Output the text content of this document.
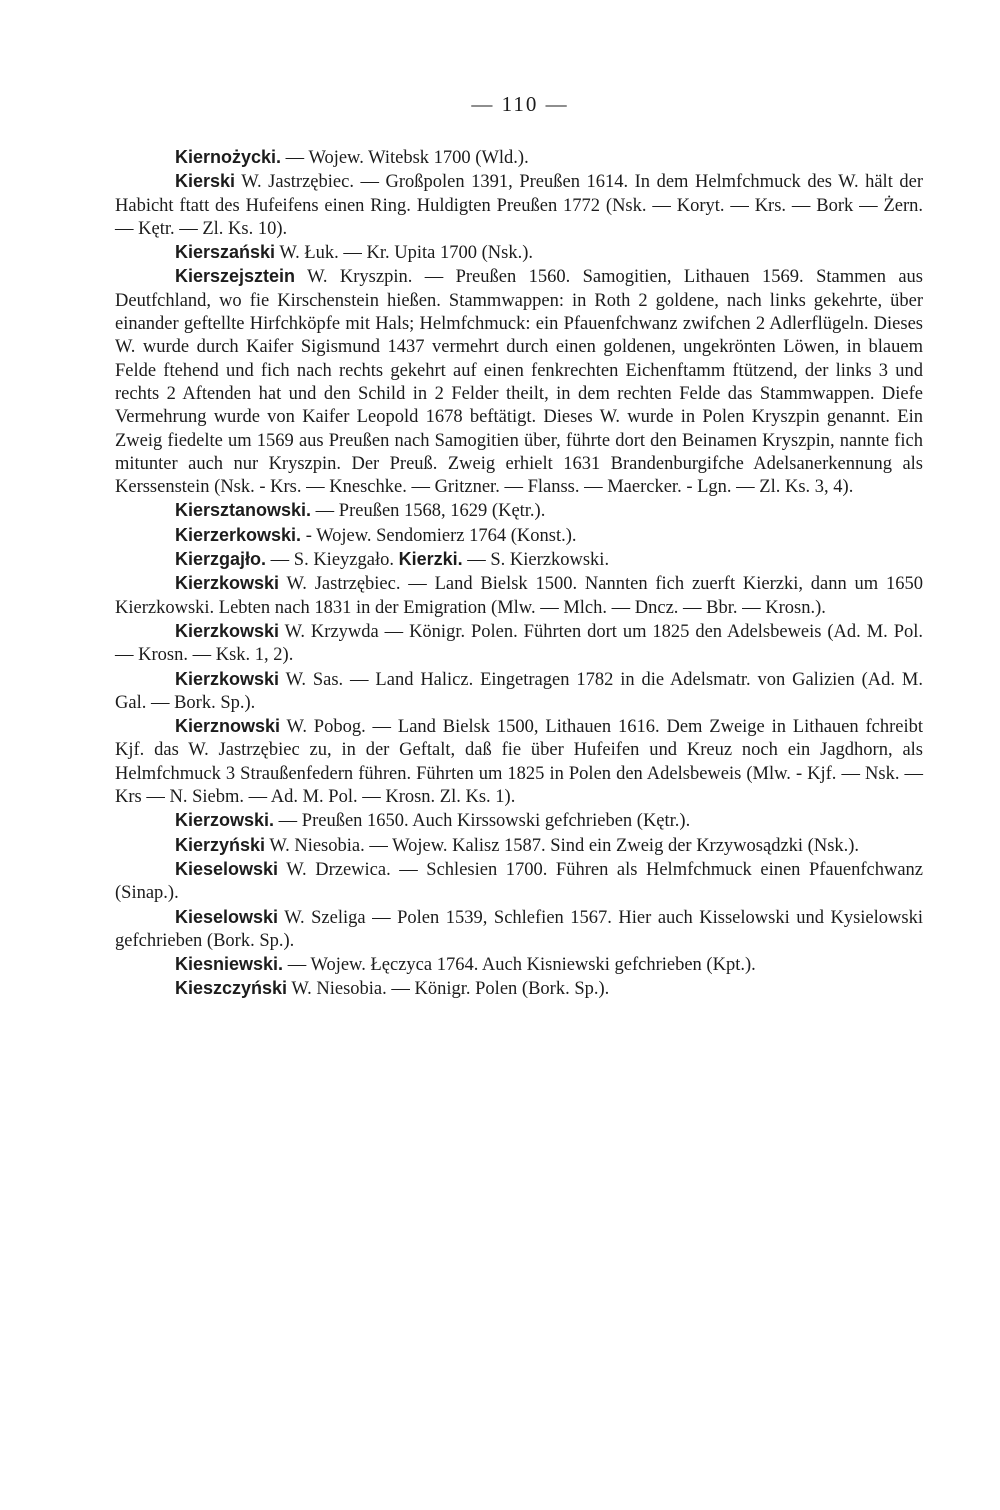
— 110 —

Kiernożycki. — Wojew. Witebsk 1700 (Wld.).

Kierski W. Jastrzębiec. — Großpolen 1391, Preußen 1614. In dem Helmfchmuck des W. hält der Habicht ftatt des Hufeifens einen Ring. Huldigten Preußen 1772 (Nsk. — Koryt. — Krs. — Bork — Żern. — Kętr. — Zl. Ks. 10).

Kierszański W. Łuk. — Kr. Upita 1700 (Nsk.).

Kierszejsztein W. Kryszpin. — Preußen 1560. Samogitien, Lithauen 1569. Stammen aus Deutfchland, wo fie Kirschenstein hießen. Stammwappen: in Roth 2 goldene, nach links gekehrte, über einander geftellte Hirfchköpfe mit Hals; Helmfchmuck: ein Pfauenfchwanz zwifchen 2 Adlerflügeln. Dieses W. wurde durch Kaifer Sigismund 1437 vermehrt durch einen goldenen, ungekrönten Löwen, in blauem Felde ftehend und fich nach rechts gekehrt auf einen fenkrechten Eichenftamm ftützend, der links 3 und rechts 2 Aftenden hat und den Schild in 2 Felder theilt, in dem rechten Felde das Stammwappen. Diefe Vermehrung wurde von Kaifer Leopold 1678 beftätigt. Dieses W. wurde in Polen Kryszpin genannt. Ein Zweig fiedelte um 1569 aus Preußen nach Samogitien über, führte dort den Beinamen Kryszpin, nannte fich mitunter auch nur Kryszpin. Der Preuß. Zweig erhielt 1631 Brandenburgifche Adelsanerkennung als Kerssenstein (Nsk. - Krs. — Kneschke. — Gritzner. — Flanss. — Maercker. - Lgn. — Zl. Ks. 3, 4).

Kiersztanowski. — Preußen 1568, 1629 (Kętr.).

Kierzerkowski. - Wojew. Sendomierz 1764 (Konst.).

Kierzgajło. — S. Kieyzgało. Kierzki. — S. Kierzkowski.

Kierzkowski W. Jastrzębiec. — Land Bielsk 1500. Nannten fich zuerft Kierzki, dann um 1650 Kierzkowski. Lebten nach 1831 in der Emigration (Mlw. — Mlch. — Dncz. — Bbr. — Krosn.).

Kierzkowski W. Krzywda — Königr. Polen. Führten dort um 1825 den Adelsbeweis (Ad. M. Pol. — Krosn. — Ksk. 1, 2).

Kierzkowski W. Sas. — Land Halicz. Eingetragen 1782 in die Adelsmatr. von Galizien (Ad. M. Gal. — Bork. Sp.).

Kierznowski W. Pobog. — Land Bielsk 1500, Lithauen 1616. Dem Zweige in Lithauen fchreibt Kjf. das W. Jastrzębiec zu, in der Geftalt, daß fie über Hufeifen und Kreuz noch ein Jagdhorn, als Helmfchmuck 3 Straußenfedern führen. Führten um 1825 in Polen den Adelsbeweis (Mlw. - Kjf. — Nsk. — Krs — N. Siebm. — Ad. M. Pol. — Krosn. Zl. Ks. 1).

Kierzowski. — Preußen 1650. Auch Kirssowski gefchrieben (Kętr.).

Kierzyński W. Niesobia. — Wojew. Kalisz 1587. Sind ein Zweig der Krzywosądzki (Nsk.).

Kieselowski W. Drzewica. — Schlesien 1700. Führen als Helmfchmuck einen Pfauenfchwanz (Sinap.).

Kieselowski W. Szeliga — Polen 1539, Schlefien 1567. Hier auch Kisselowski und Kysielowski gefchrieben (Bork. Sp.).

Kiesniewski. — Wojew. Łęczyca 1764. Auch Kisniewski gefchrieben (Kpt.).

Kieszczyński W. Niesobia. — Königr. Polen (Bork. Sp.).
